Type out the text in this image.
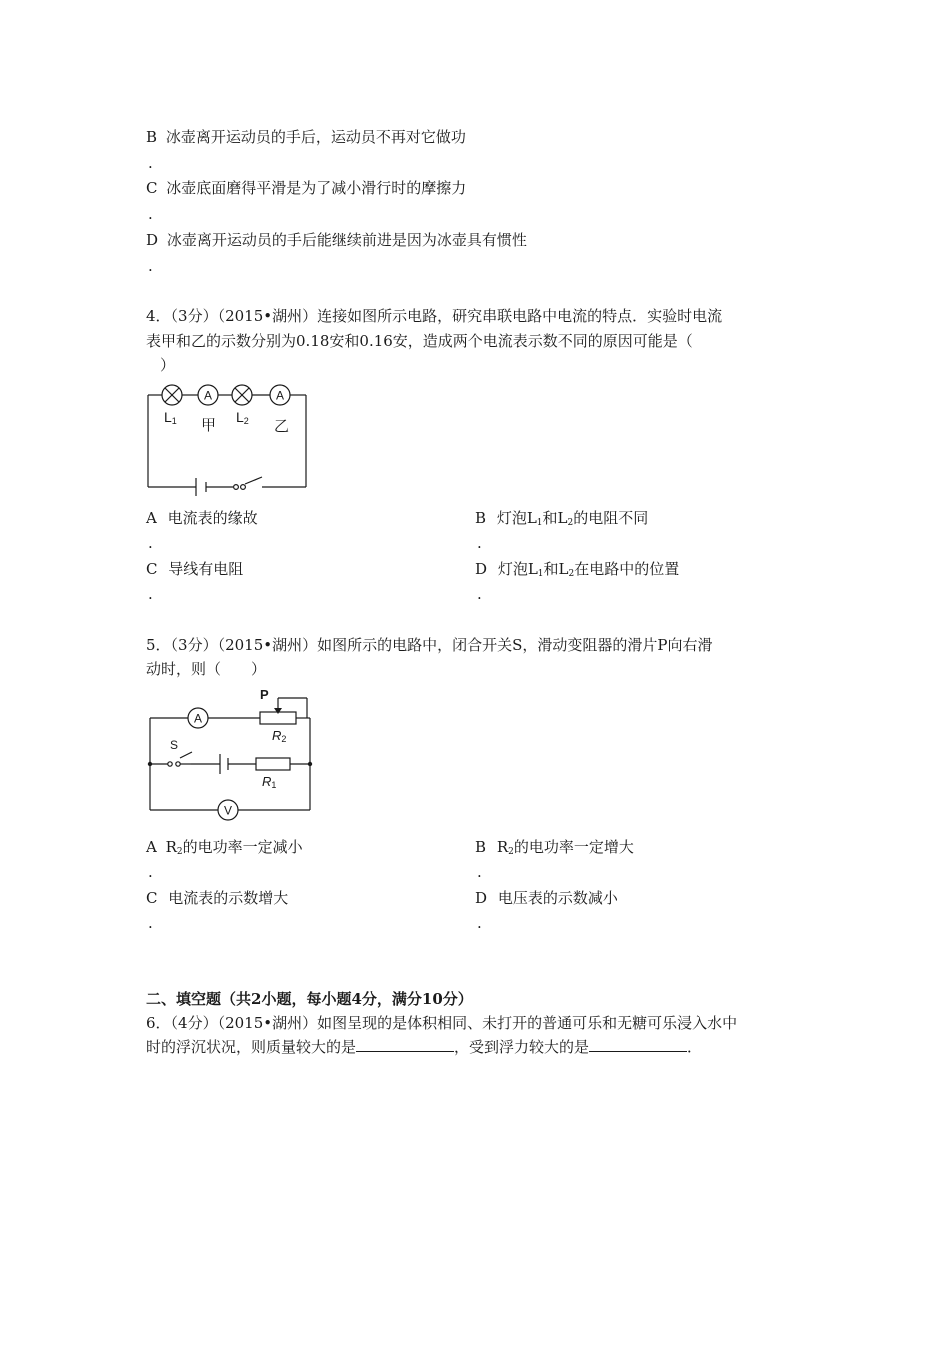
B 冰壶离开运动员的手后，运动员不再对它做功
.
C 冰壶底面磨得平滑是为了减小滑行时的摩擦力
.
D 冰壶离开运动员的手后能继续前进是因为冰壶具有惯性
.
4．（3分）（2015•湖州）连接如图所示电路，研究串联电路中电流的特点．实验时电流
表甲和乙的示数分别为0.18安和0.16安，造成两个电流表示数不同的原因可能是（
）
A	A
L1 甲 L2 乙
A 电流表的缘故
.
B 灯泡$L_1$和$L_2$的电阻不同
.
C 导线有电阻
.
D 灯泡$L_1$和$L_2$在电路中的位置
.
5．（3分）（2015•湖州）如图所示的电路中，闭合开关S，滑动变阻器的滑片P向右滑
动时，则（　　）
A
V
P
R2
S
R1
A $R_2$的电功率一定减小
.
B $R_2$的电功率一定增大
.
C 电流表的示数增大
.
D 电压表的示数减小
.
二、填空题（共2小题，每小题4分，满分10分）
6．（4分）（2015•湖州）如图呈现的是体积相同、未打开的普通可乐和无糖可乐浸入水中
时的浮沉状况，则质量较大的是	，受到浮力较大的是	．
